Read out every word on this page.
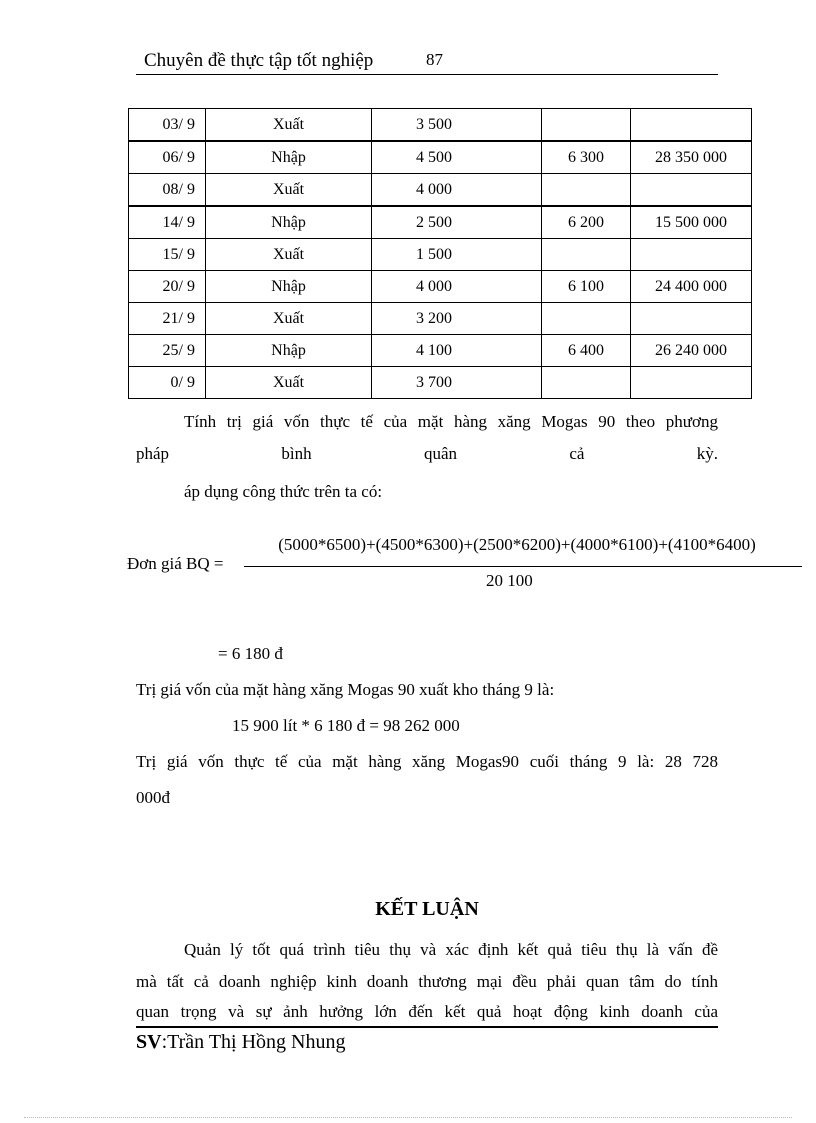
Chuyên đề thực tập tốt nghiệp	87
03/ 9	Xuất	3 500		
06/ 9	Nhập	4 500	6 300	28 350 000
08/ 9	Xuất	4 000		
14/ 9	Nhập	2 500	6 200	15 500 000
15/ 9	Xuất	1 500		
20/ 9	Nhập	4 000	6 100	24 400 000
21/ 9	Xuất	3 200		
25/ 9	Nhập	4 100	6 400	26 240 000
0/ 9	Xuất	3 700		
Tính trị giá vốn thực tế của mặt hàng xăng Mogas 90 theo phương
pháp bình quân cả kỳ.
áp dụng công thức trên ta có:
Đơn giá BQ =
(5000*6500)+(4500*6300)+(2500*6200)+(4000*6100)+(4100*6400)
20 100
= 6 180 đ
Trị giá vốn của mặt hàng xăng Mogas 90 xuất kho tháng 9 là:
15 900 lít * 6 180 đ = 98 262 000
Trị giá vốn thực tế của mặt hàng xăng Mogas90 cuối tháng 9 là: 28 728
000đ
KẾT LUẬN
Quản lý tốt quá trình tiêu thụ và xác định kết quả tiêu thụ là vấn đề
mà tất cả doanh nghiệp kinh doanh thương mại đều phải quan tâm do tính
quan trọng và sự ảnh hưởng lớn đến kết quả hoạt động kinh doanh của
SV:Trần Thị Hồng Nhung
